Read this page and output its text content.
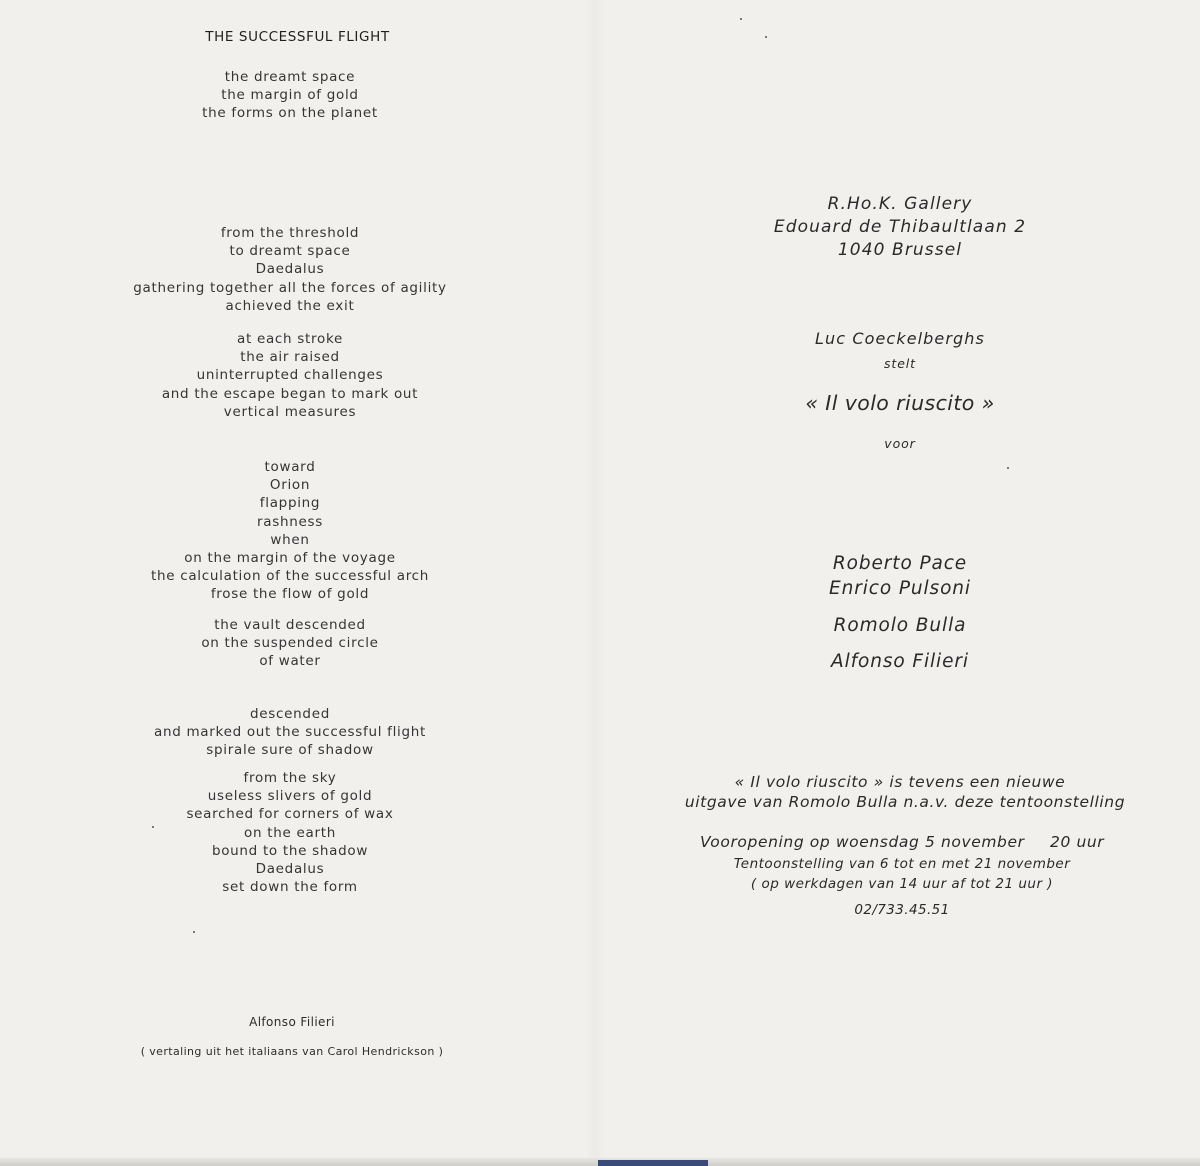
THE SUCCESSFUL FLIGHT
the dreamt space
the margin of gold
the forms on the planet
from the threshold
to dreamt space
Daedalus
gathering together all the forces of agility
achieved the exit
at each stroke
the air raised
uninterrupted challenges
and the escape began to mark out
vertical measures
toward
Orion
flapping
rashness
when
on the margin of the voyage
the calculation of the successful arch
frose the flow of gold
the vault descended
on the suspended circle
of water
descended
and marked out the successful flight
spirale sure of shadow
from the sky
useless slivers of gold
searched for corners of wax
on the earth
bound to the shadow
Daedalus
set down the form
Alfonso Filieri
( vertaling uit het italiaans van Carol Hendrickson )
R.Ho.K. Gallery
Edouard de Thibaultlaan 2
1040 Brussel
Luc Coeckelberghs
stelt
« Il volo riuscito »
voor
Roberto Pace
Enrico Pulsoni
Romolo Bulla
Alfonso Filieri
« Il volo riuscito » is tevens een nieuwe
uitgave van Romolo Bulla n.a.v. deze tentoonstelling
Vooropening op woensdag 5 november 20 uur
Tentoonstelling van 6 tot en met 21 november
( op werkdagen van 14 uur af tot 21 uur )
02/733.45.51
